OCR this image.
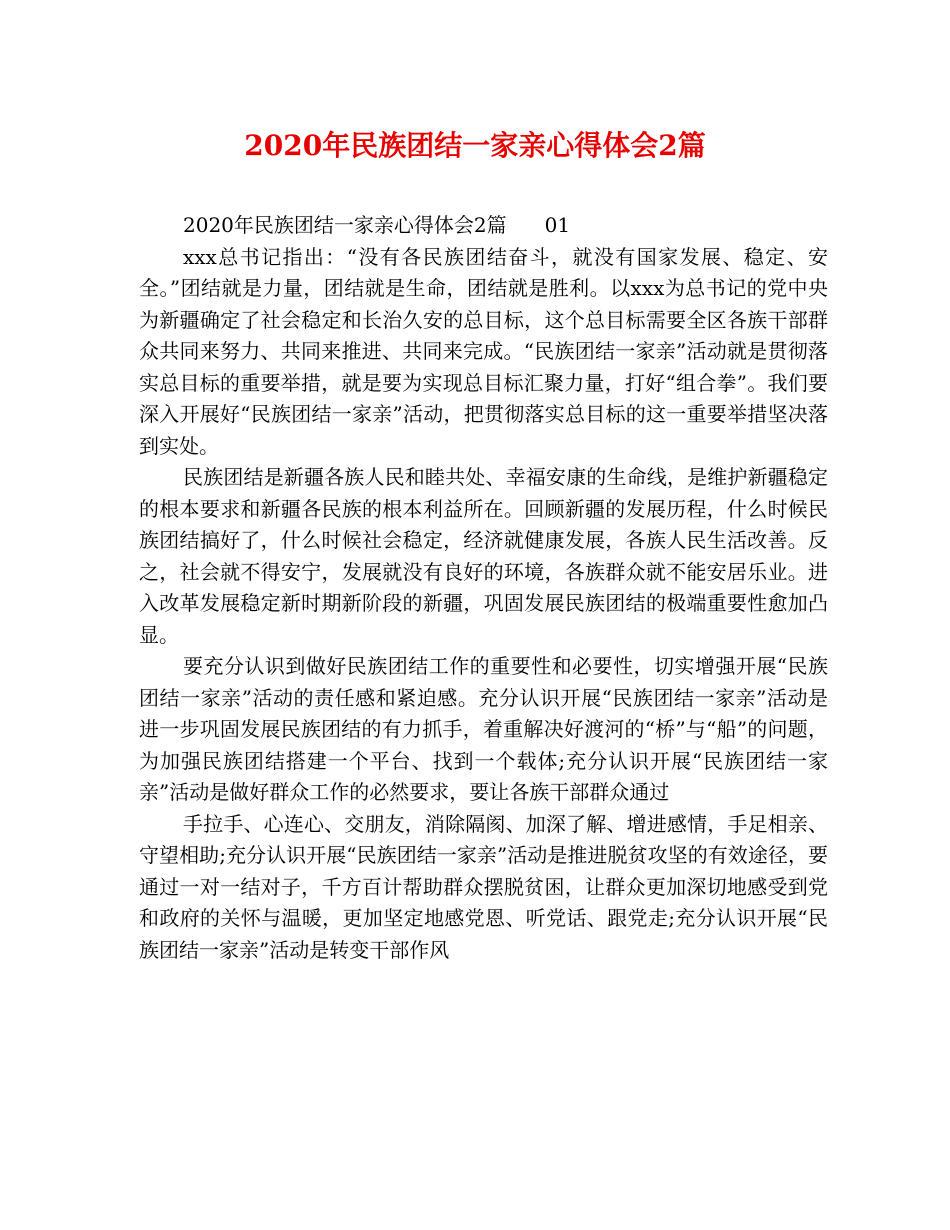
2020年民族团结一家亲心得体会2篇

2020年民族团结一家亲心得体会2篇 01

xxx总书记指出：“没有各民族团结奋斗，就没有国家发展、稳定、安全。”团结就是力量，团结就是生命，团结就是胜利。以xxx为总书记的党中央为新疆确定了社会稳定和长治久安的总目标，这个总目标需要全区各族干部群众共同来努力、共同来推进、共同来完成。“民族团结一家亲”活动就是贯彻落实总目标的重要举措，就是要为实现总目标汇聚力量，打好“组合拳”。我们要深入开展好“民族团结一家亲”活动，把贯彻落实总目标的这一重要举措坚决落到实处。

民族团结是新疆各族人民和睦共处、幸福安康的生命线，是维护新疆稳定的根本要求和新疆各民族的根本利益所在。回顾新疆的发展历程，什么时候民族团结搞好了，什么时候社会稳定，经济就健康发展，各族人民生活改善。反之，社会就不得安宁，发展就没有良好的环境，各族群众就不能安居乐业。进入改革发展稳定新时期新阶段的新疆，巩固发展民族团结的极端重要性愈加凸显。

要充分认识到做好民族团结工作的重要性和必要性，切实增强开展“民族团结一家亲”活动的责任感和紧迫感。充分认识开展“民族团结一家亲”活动是进一步巩固发展民族团结的有力抓手，着重解决好渡河的“桥”与“船”的问题，为加强民族团结搭建一个平台、找到一个载体;充分认识开展“民族团结一家亲”活动是做好群众工作的必然要求，要让各族干部群众通过

手拉手、心连心、交朋友，消除隔阂、加深了解、增进感情，手足相亲、守望相助;充分认识开展“民族团结一家亲”活动是推进脱贫攻坚的有效途径，要通过一对一结对子，千方百计帮助群众摆脱贫困，让群众更加深切地感受到党和政府的关怀与温暖，更加坚定地感党恩、听党话、跟党走;充分认识开展“民族团结一家亲”活动是转变干部作风
